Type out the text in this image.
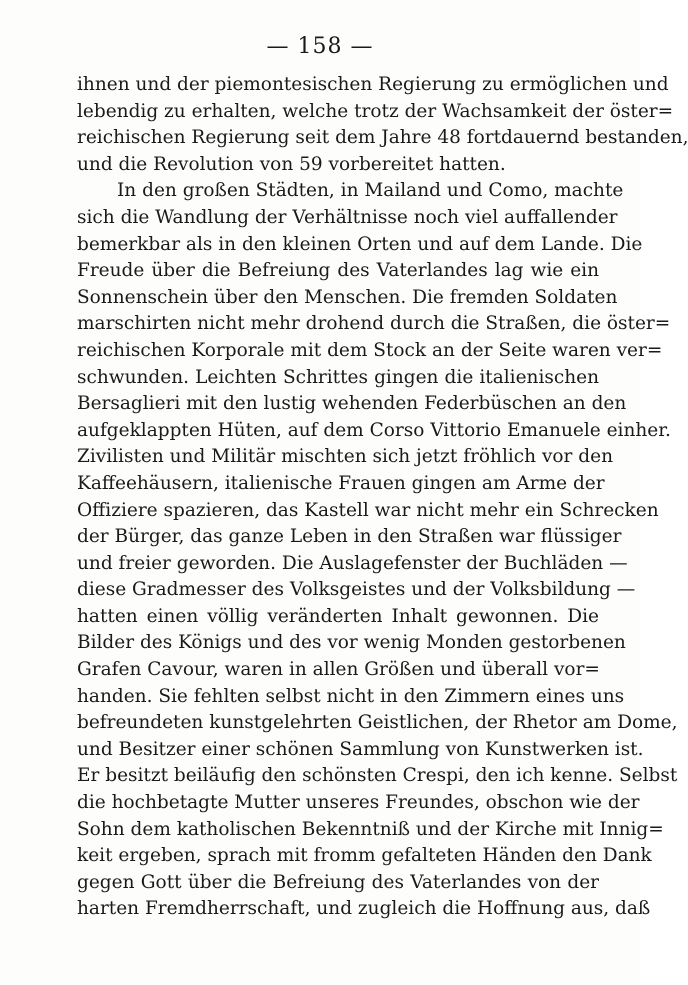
— 158 —
ihnen und der piemontesischen Regierung zu ermöglichen und
lebendig zu erhalten, welche trotz der Wachsamkeit der öster=
reichischen Regierung seit dem Jahre 48 fortdauernd bestanden,
und die Revolution von 59 vorbereitet hatten.
In den großen Städten, in Mailand und Como, machte
sich die Wandlung der Verhältnisse noch viel auffallender
bemerkbar als in den kleinen Orten und auf dem Lande. Die
Freude über die Befreiung des Vaterlandes lag wie ein
Sonnenschein über den Menschen. Die fremden Soldaten
marschirten nicht mehr drohend durch die Straßen, die öster=
reichischen Korporale mit dem Stock an der Seite waren ver=
schwunden. Leichten Schrittes gingen die italienischen
Bersaglieri mit den lustig wehenden Federbüschen an den
aufgeklappten Hüten, auf dem Corso Vittorio Emanuele einher.
Zivilisten und Militär mischten sich jetzt fröhlich vor den
Kaffeehäusern, italienische Frauen gingen am Arme der
Offiziere spazieren, das Kastell war nicht mehr ein Schrecken
der Bürger, das ganze Leben in den Straßen war flüssiger
und freier geworden. Die Auslagefenster der Buchläden —
diese Gradmesser des Volksgeistes und der Volksbildung —
hatten einen völlig veränderten Inhalt gewonnen. Die
Bilder des Königs und des vor wenig Monden gestorbenen
Grafen Cavour, waren in allen Größen und überall vor=
handen. Sie fehlten selbst nicht in den Zimmern eines uns
befreundeten kunstgelehrten Geistlichen, der Rhetor am Dome,
und Besitzer einer schönen Sammlung von Kunstwerken ist.
Er besitzt beiläufig den schönsten Crespi, den ich kenne. Selbst
die hochbetagte Mutter unseres Freundes, obschon wie der
Sohn dem katholischen Bekenntniß und der Kirche mit Innig=
keit ergeben, sprach mit fromm gefalteten Händen den Dank
gegen Gott über die Befreiung des Vaterlandes von der
harten Fremdherrschaft, und zugleich die Hoffnung aus, daß
